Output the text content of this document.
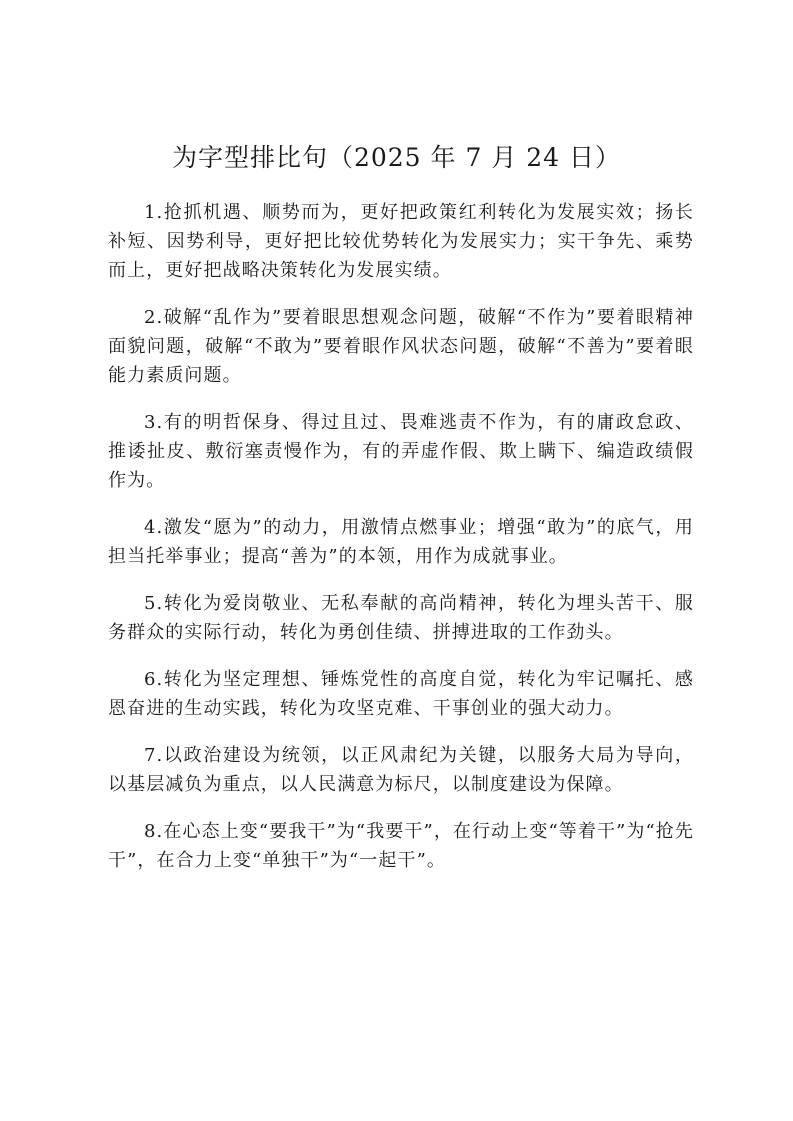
为字型排比句（2025 年 7 月 24 日）

1.抢抓机遇、顺势而为，更好把政策红利转化为发展实效；扬长补短、因势利导，更好把比较优势转化为发展实力；实干争先、乘势而上，更好把战略决策转化为发展实绩。

2.破解“乱作为”要着眼思想观念问题，破解“不作为”要着眼精神面貌问题，破解“不敢为”要着眼作风状态问题，破解“不善为”要着眼能力素质问题。

3.有的明哲保身、得过且过、畏难逃责不作为，有的庸政怠政、推诿扯皮、敷衍塞责慢作为，有的弄虚作假、欺上瞒下、编造政绩假作为。

4.激发“愿为”的动力，用激情点燃事业；增强“敢为”的底气，用担当托举事业；提高“善为”的本领，用作为成就事业。

5.转化为爱岗敬业、无私奉献的高尚精神，转化为埋头苦干、服务群众的实际行动，转化为勇创佳绩、拼搏进取的工作劲头。

6.转化为坚定理想、锤炼党性的高度自觉，转化为牢记嘱托、感恩奋进的生动实践，转化为攻坚克难、干事创业的强大动力。

7.以政治建设为统领，以正风肃纪为关键，以服务大局为导向，以基层减负为重点，以人民满意为标尺，以制度建设为保障。

8.在心态上变“要我干”为“我要干”，在行动上变“等着干”为“抢先干”，在合力上变“单独干”为“一起干”。
